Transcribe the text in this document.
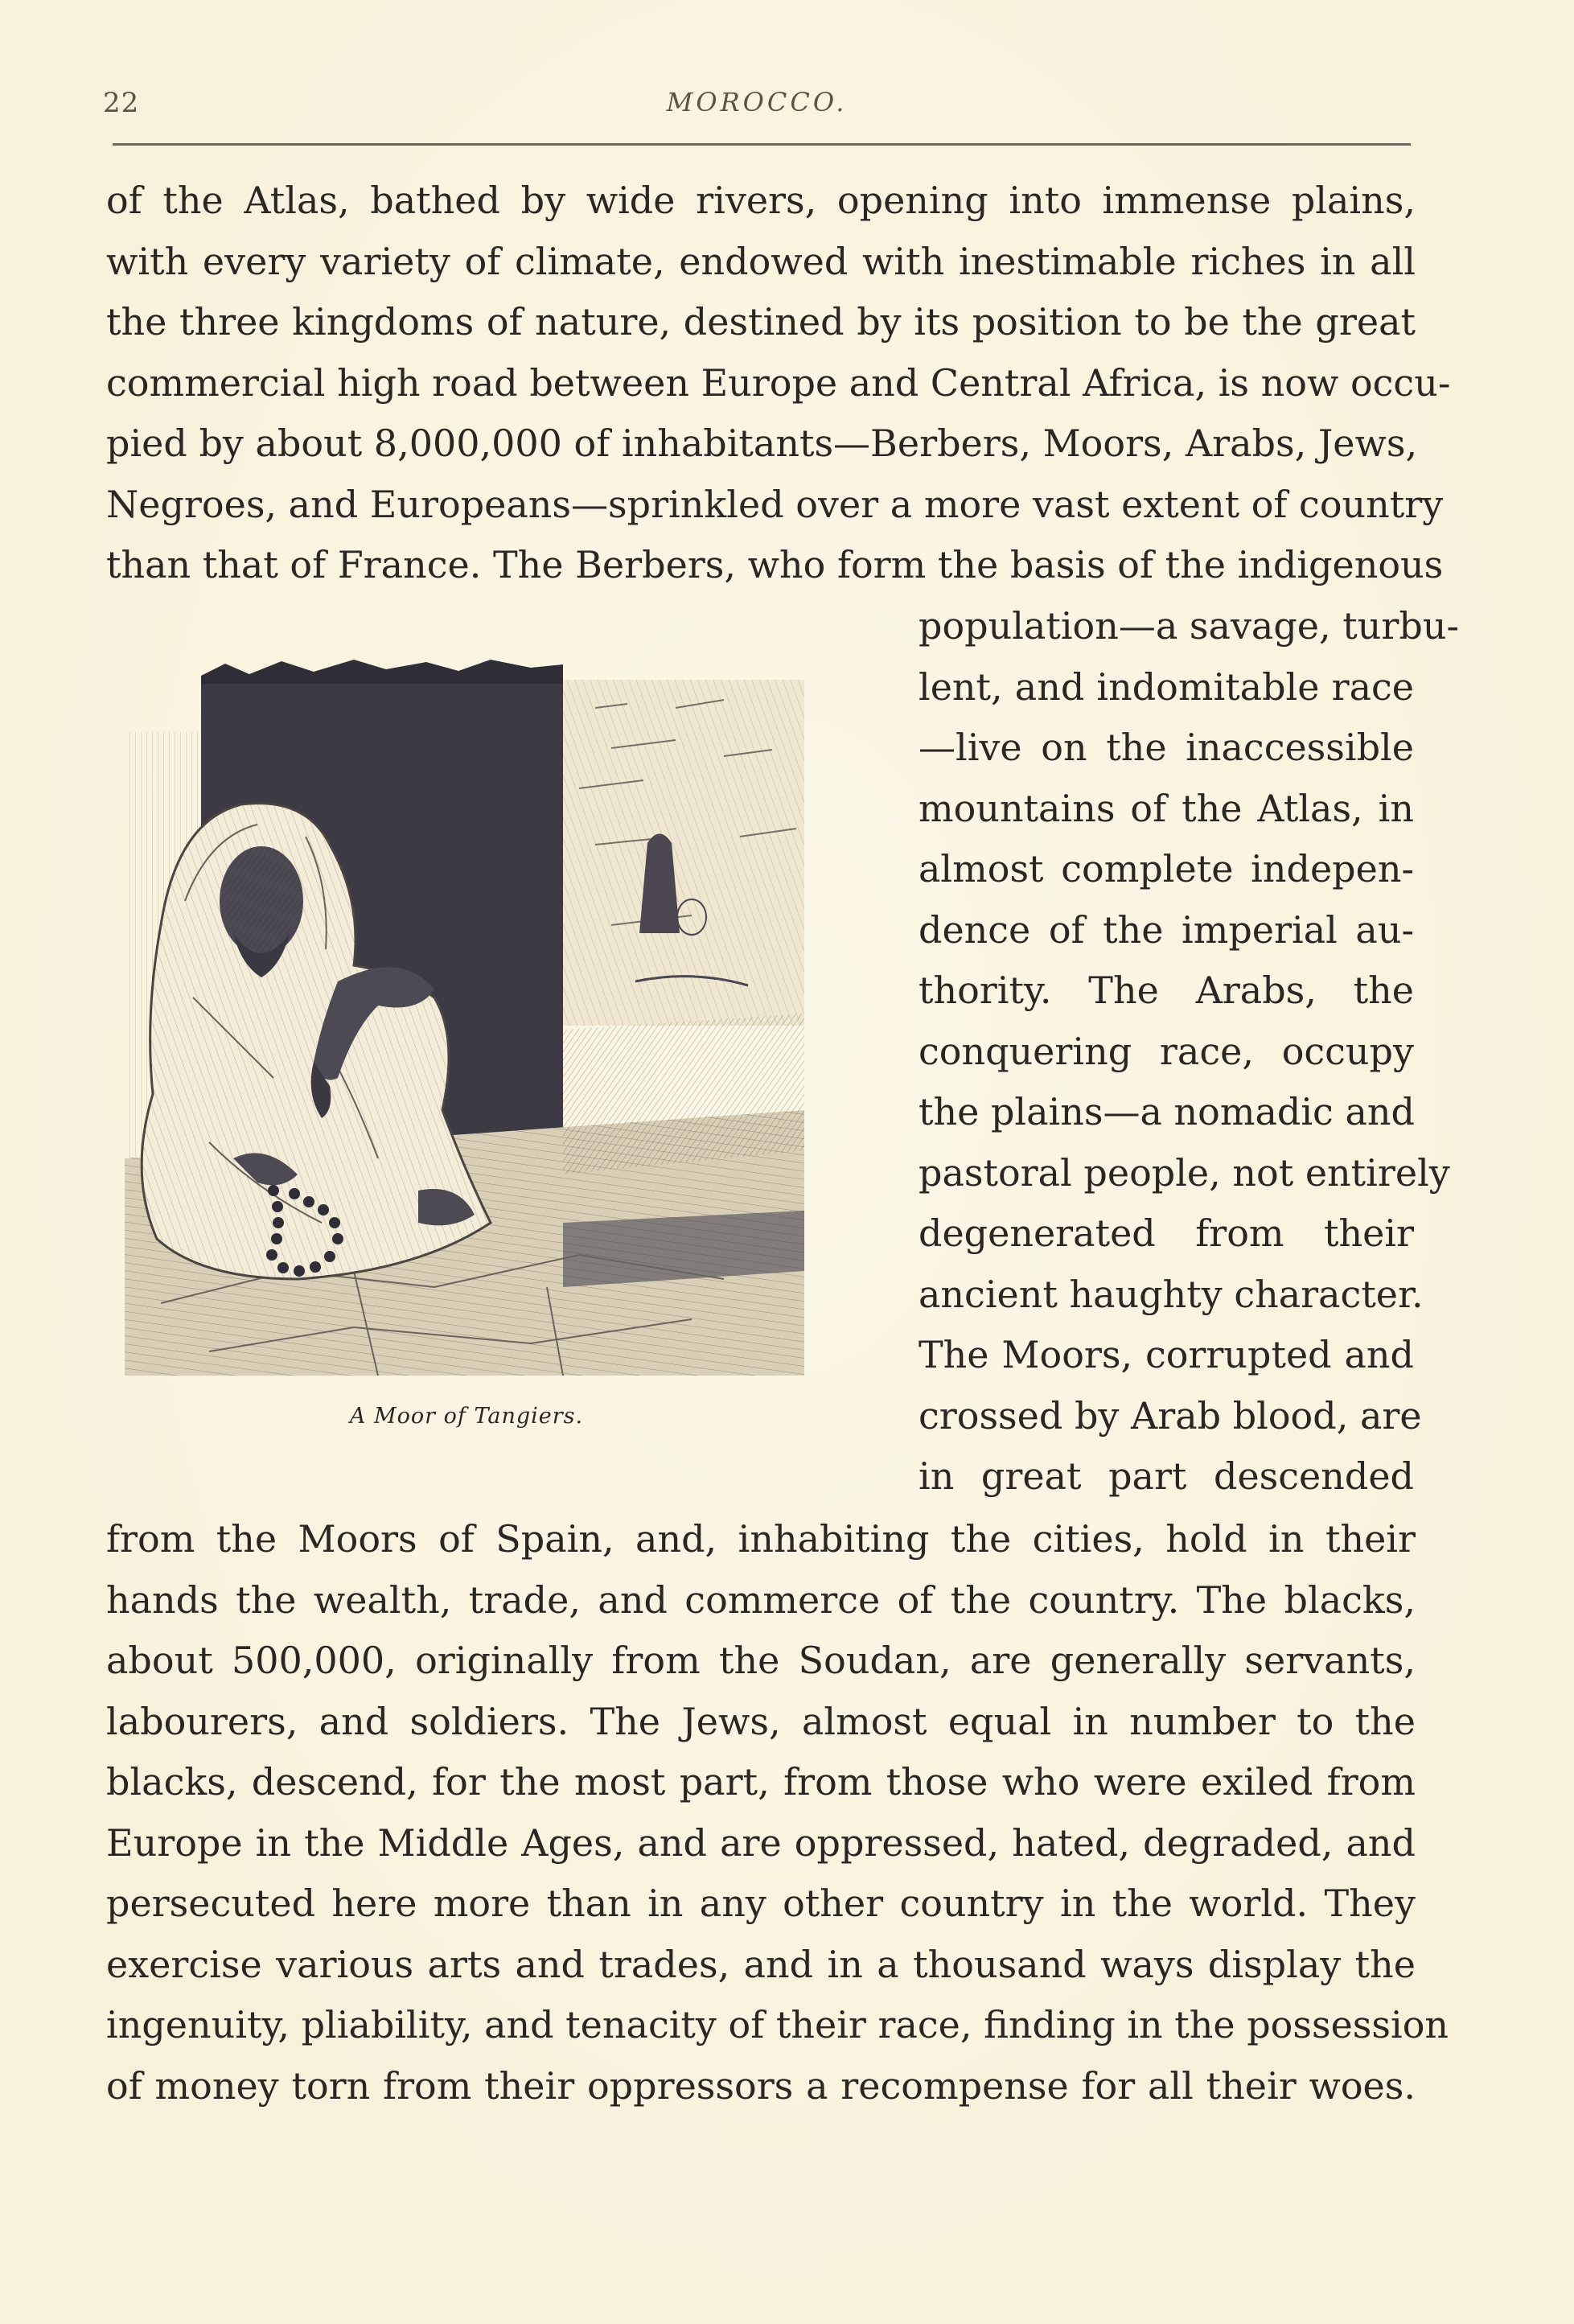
22	MOROCCO.
of the Atlas, bathed by wide rivers, opening into immense plains,
with every variety of climate, endowed with inestimable riches in all
the three kingdoms of nature, destined by its position to be the great
commercial high road between Europe and Central Africa, is now occu-
pied by about 8,000,000 of inhabitants—Berbers, Moors, Arabs, Jews,
Negroes, and Europeans—sprinkled over a more vast extent of country
than that of France. The Berbers, who form the basis of the indigenous
A Moor of Tangiers.
population—a savage, turbu-
lent, and indomitable race
—live on the inaccessible
mountains of the Atlas, in
almost complete indepen-
dence of the imperial au-
thority. The Arabs, the
conquering race, occupy
the plains—a nomadic and
pastoral people, not entirely
degenerated from their
ancient haughty character.
The Moors, corrupted and
crossed by Arab blood, are
in great part descended
from the Moors of Spain, and, inhabiting the cities, hold in their
hands the wealth, trade, and commerce of the country. The blacks,
about 500,000, originally from the Soudan, are generally servants,
labourers, and soldiers. The Jews, almost equal in number to the
blacks, descend, for the most part, from those who were exiled from
Europe in the Middle Ages, and are oppressed, hated, degraded, and
persecuted here more than in any other country in the world. They
exercise various arts and trades, and in a thousand ways display the
ingenuity, pliability, and tenacity of their race, finding in the possession
of money torn from their oppressors a recompense for all their woes.
